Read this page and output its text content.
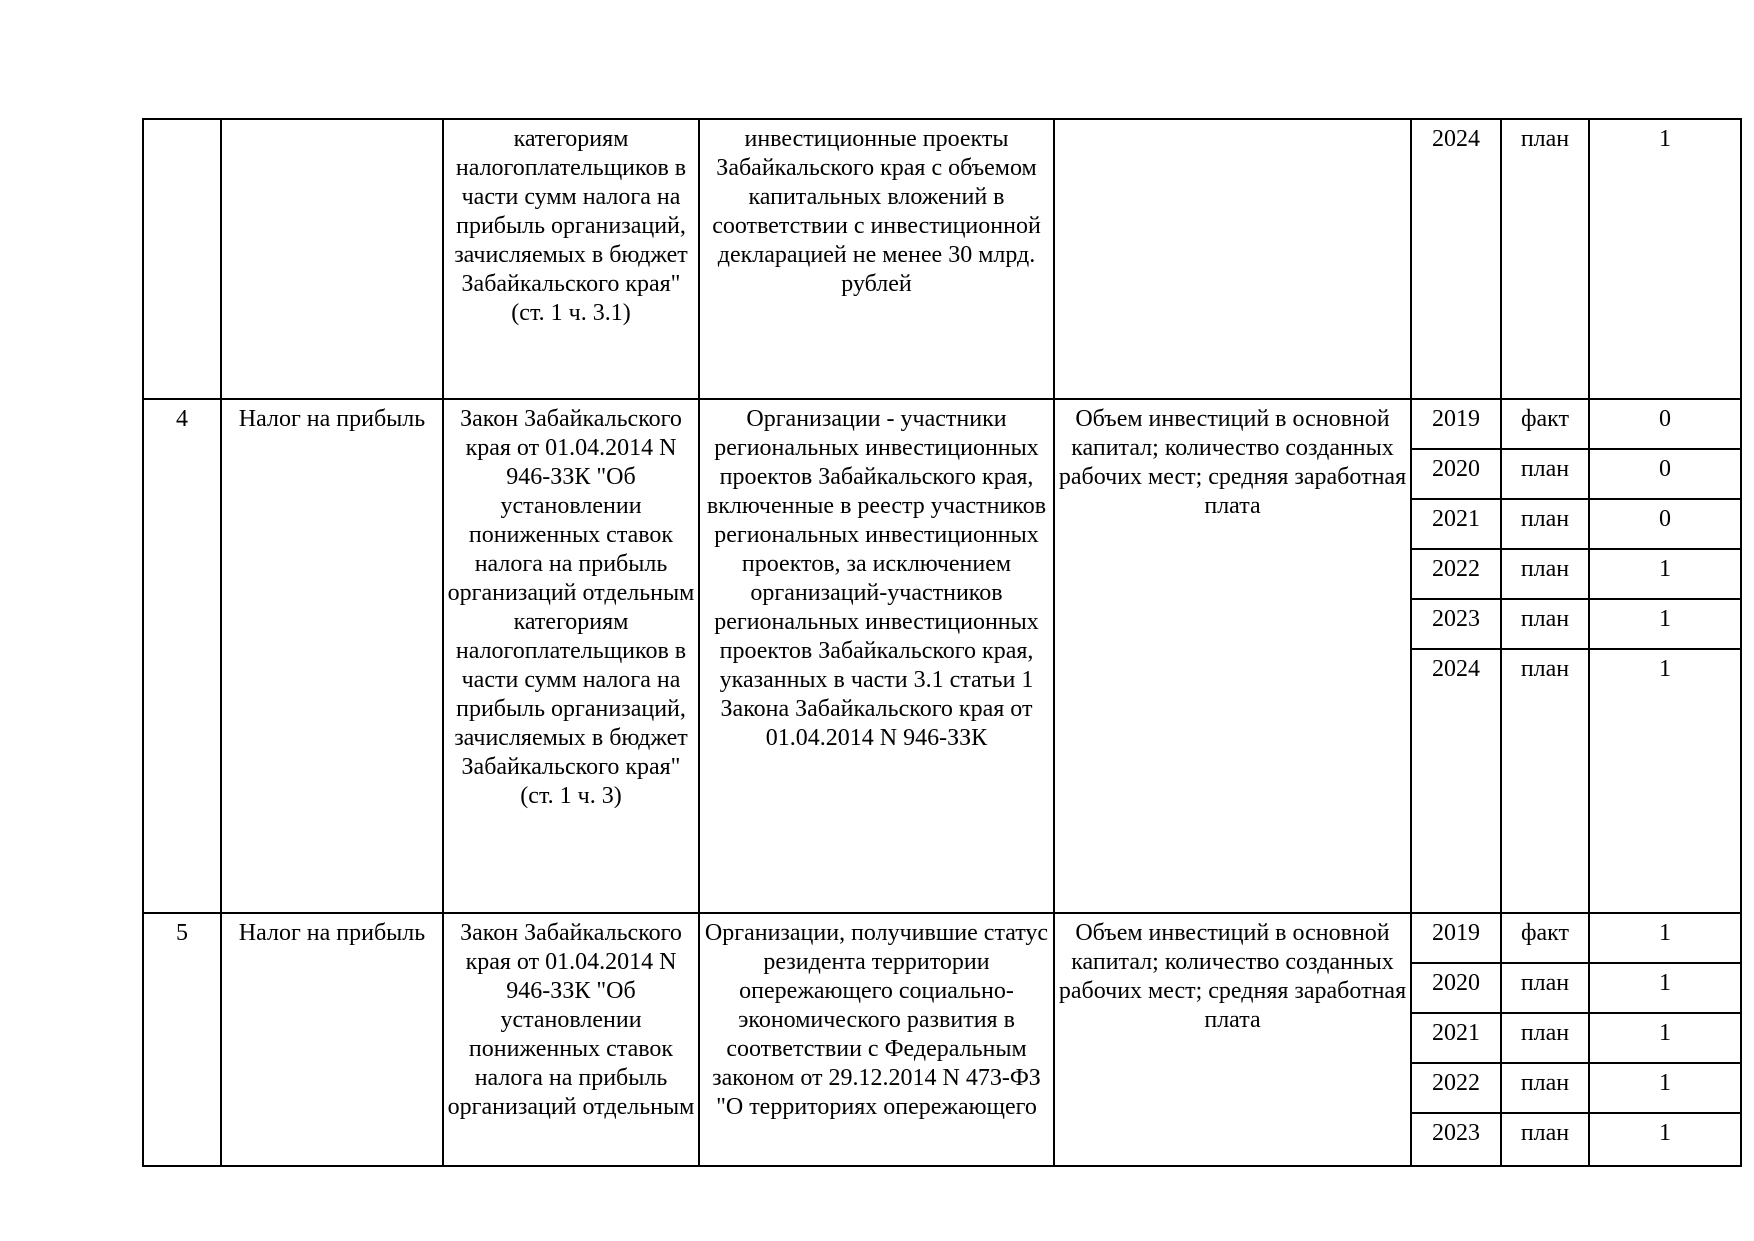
		категориям налогоплательщиков в части сумм налога на прибыль организаций, зачисляемых в бюджет Забайкальского края" (ст. 1 ч. 3.1)	инвестиционные проекты Забайкальского края с объемом капитальных вложений в соответствии с инвестиционной декларацией не менее 30 млрд. рублей		2024	план	1
4	Налог на прибыль	Закон Забайкальского края от 01.04.2014 N 946-ЗЗК "Об установлении пониженных ставок налога на прибыль организаций отдельным категориям налогоплательщиков в части сумм налога на прибыль организаций, зачисляемых в бюджет Забайкальского края" (ст. 1 ч. 3)	Организации - участники региональных инвестиционных проектов Забайкальского края, включенные в реестр участников региональных инвестиционных проектов, за исключением организаций-участников региональных инвестиционных проектов Забайкальского края, указанных в части 3.1 статьи 1 Закона Забайкальского края от 01.04.2014 N 946-ЗЗК	Объем инвестиций в основной капитал; количество созданных рабочих мест; средняя заработная плата	2019	факт	0
					2020	план	0
					2021	план	0
					2022	план	1
					2023	план	1
					2024	план	1
5	Налог на прибыль	Закон Забайкальского края от 01.04.2014 N 946-ЗЗК "Об установлении пониженных ставок налога на прибыль организаций отдельным	Организации, получившие статус резидента территории опережающего социально-экономического развития в соответствии с Федеральным законом от 29.12.2014 N 473-ФЗ "О территориях опережающего	Объем инвестиций в основной капитал; количество созданных рабочих мест; средняя заработная плата	2019	факт	1
					2020	план	1
					2021	план	1
					2022	план	1
					2023	план	1
